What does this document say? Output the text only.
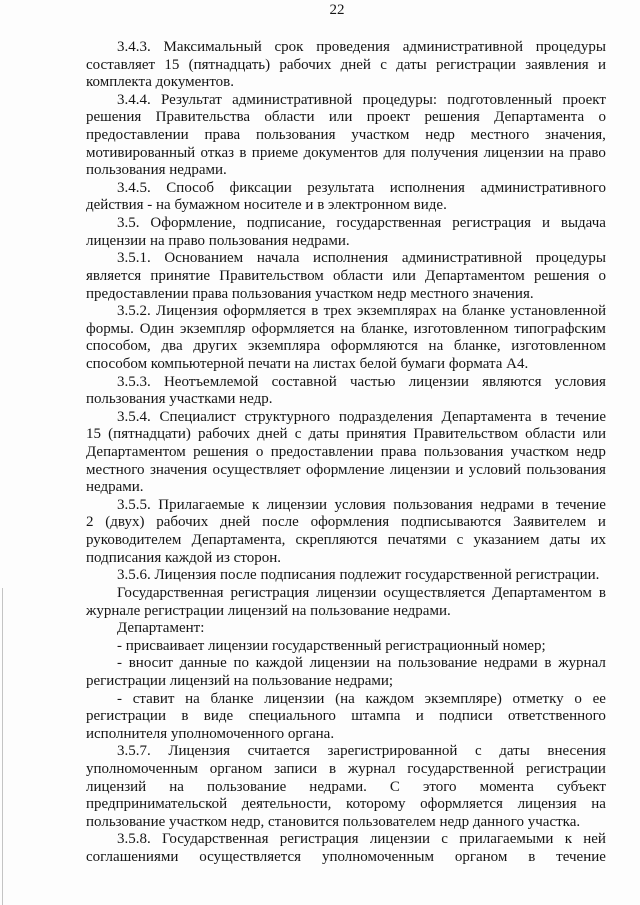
22
3.4.3. Максимальный срок проведения административной процедуры
составляет 15 (пятнадцать) рабочих дней с даты регистрации заявления и
комплекта документов.
3.4.4. Результат административной процедуры: подготовленный проект
решения Правительства области или проект решения Департамента о
предоставлении права пользования участком недр местного значения,
мотивированный отказ в приеме документов для получения лицензии на право
пользования недрами.
3.4.5. Способ фиксации результата исполнения административного
действия - на бумажном носителе и в электронном виде.
3.5. Оформление, подписание, государственная регистрация и выдача
лицензии на право пользования недрами.
3.5.1. Основанием начала исполнения административной процедуры
является принятие Правительством области или Департаментом решения о
предоставлении права пользования участком недр местного значения.
3.5.2. Лицензия оформляется в трех экземплярах на бланке установленной
формы. Один экземпляр оформляется на бланке, изготовленном типографским
способом, два других экземпляра оформляются на бланке, изготовленном
способом компьютерной печати на листах белой бумаги формата А4.
3.5.3. Неотъемлемой составной частью лицензии являются условия
пользования участками недр.
3.5.4. Специалист структурного подразделения Департамента в течение
15 (пятнадцати) рабочих дней с даты принятия Правительством области или
Департаментом решения о предоставлении права пользования участком недр
местного значения осуществляет оформление лицензии и условий пользования
недрами.
3.5.5. Прилагаемые к лицензии условия пользования недрами в течение
2 (двух) рабочих дней после оформления подписываются Заявителем и
руководителем Департамента, скрепляются печатями с указанием даты их
подписания каждой из сторон.
3.5.6. Лицензия после подписания подлежит государственной регистрации.
Государственная регистрация лицензии осуществляется Департаментом в
журнале регистрации лицензий на пользование недрами.
Департамент:
- присваивает лицензии государственный регистрационный номер;
- вносит данные по каждой лицензии на пользование недрами в журнал
регистрации лицензий на пользование недрами;
- ставит на бланке лицензии (на каждом экземпляре) отметку о ее
регистрации в виде специального штампа и подписи ответственного
исполнителя уполномоченного органа.
3.5.7. Лицензия считается зарегистрированной с даты внесения
уполномоченным органом записи в журнал государственной регистрации
лицензий на пользование недрами. С этого момента субъект
предпринимательской деятельности, которому оформляется лицензия на
пользование участком недр, становится пользователем недр данного участка.
3.5.8. Государственная регистрация лицензии с прилагаемыми к ней
соглашениями осуществляется уполномоченным органом в течение
